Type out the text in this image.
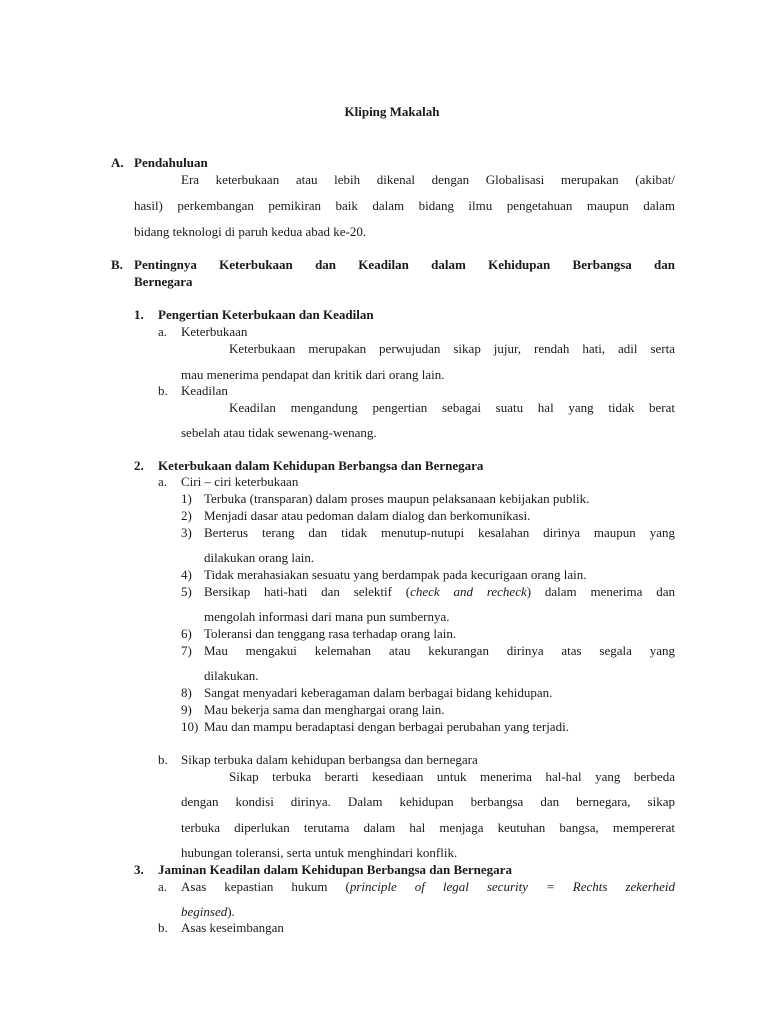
Kliping Makalah
A. Pendahuluan
Era keterbukaan atau lebih dikenal dengan Globalisasi merupakan (akibat/
hasil) perkembangan pemikiran baik dalam bidang ilmu pengetahuan maupun dalam
bidang teknologi di paruh kedua abad ke-20.
B. Pentingnya Keterbukaan dan Keadilan dalam Kehidupan Berbangsa dan
Bernegara
1. Pengertian Keterbukaan dan Keadilan
a. Keterbukaan
Keterbukaan merupakan perwujudan sikap jujur, rendah hati, adil serta
mau menerima pendapat dan kritik dari orang lain.
b. Keadilan
Keadilan mengandung pengertian sebagai suatu hal yang tidak berat
sebelah atau tidak sewenang-wenang.
2. Keterbukaan dalam Kehidupan Berbangsa dan Bernegara
a. Ciri – ciri keterbukaan
1) Terbuka (transparan) dalam proses maupun pelaksanaan kebijakan publik.
2) Menjadi dasar atau pedoman dalam dialog dan berkomunikasi.
3) Berterus terang dan tidak menutup-nutupi kesalahan dirinya maupun yang
dilakukan orang lain.
4) Tidak merahasiakan sesuatu yang berdampak pada kecurigaan orang lain.
5) Bersikap hati-hati dan selektif (check and recheck) dalam menerima dan
mengolah informasi dari mana pun sumbernya.
6) Toleransi dan tenggang rasa terhadap orang lain.
7) Mau mengakui kelemahan atau kekurangan dirinya atas segala yang
dilakukan.
8) Sangat menyadari keberagaman dalam berbagai bidang kehidupan.
9) Mau bekerja sama dan menghargai orang lain.
10) Mau dan mampu beradaptasi dengan berbagai perubahan yang terjadi.
b. Sikap terbuka dalam kehidupan berbangsa dan bernegara
Sikap terbuka berarti kesediaan untuk menerima hal-hal yang berbeda
dengan kondisi dirinya. Dalam kehidupan berbangsa dan bernegara, sikap
terbuka diperlukan terutama dalam hal menjaga keutuhan bangsa, mempererat
hubungan toleransi, serta untuk menghindari konflik.
3. Jaminan Keadilan dalam Kehidupan Berbangsa dan Bernegara
a. Asas kepastian hukum (principle of legal security = Rechts zekerheid
beginsed).
b. Asas keseimbangan
